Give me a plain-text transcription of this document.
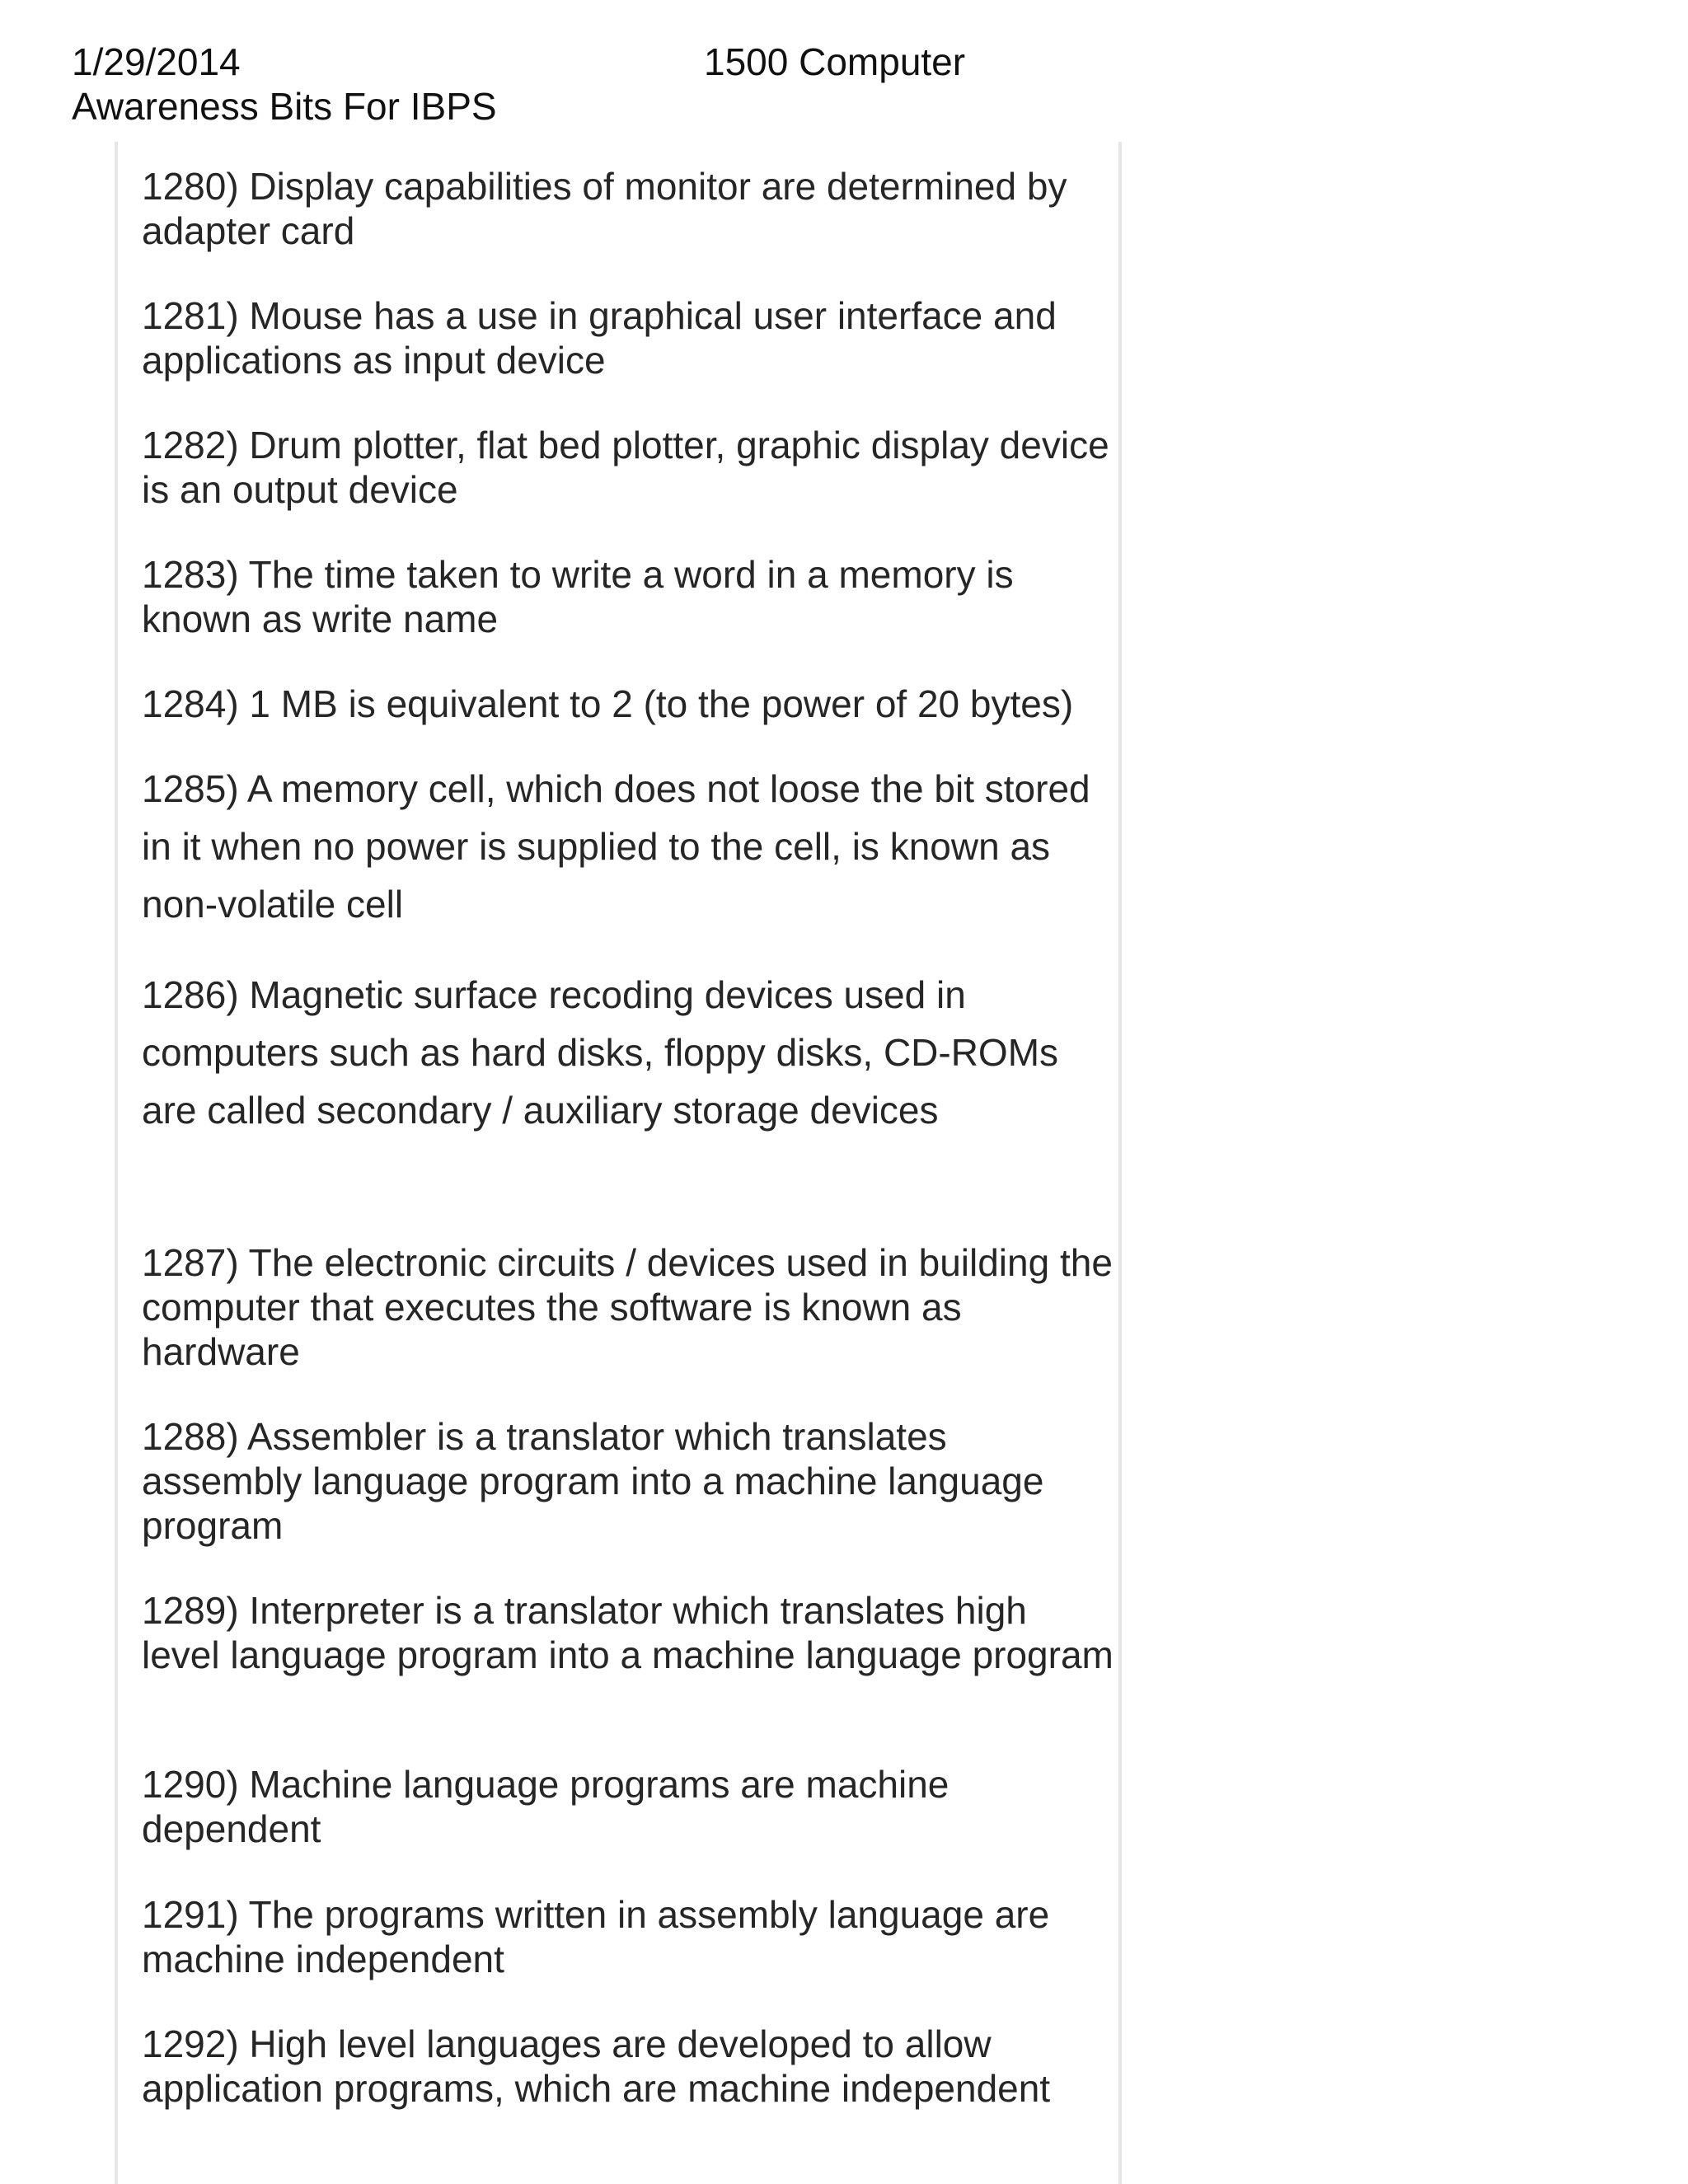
1/29/2014	1500 Computer
Awareness Bits For IBPS
1280) Display capabilities of monitor are determined by adapter card
1281) Mouse has a use in graphical user interface and applications as input device
1282) Drum plotter, flat bed plotter, graphic display device is an output device
1283) The time taken to write a word in a memory is known as write name
1284) 1 MB is equivalent to 2 (to the power of 20 bytes)
1285) A memory cell, which does not loose the bit stored in it when no power is supplied to the cell, is known as non-volatile cell
1286) Magnetic surface recoding devices used in computers such as hard disks, floppy disks, CD-ROMs are called secondary / auxiliary storage devices
1287) The electronic circuits / devices used in building the computer that executes the software is known as hardware
1288) Assembler is a translator which translates assembly language program into a machine language program
1289) Interpreter is a translator which translates high level language program into a machine language program
1290) Machine language programs are machine dependent
1291) The programs written in assembly language are machine independent
1292) High level languages are developed to allow application programs, which are machine independent
